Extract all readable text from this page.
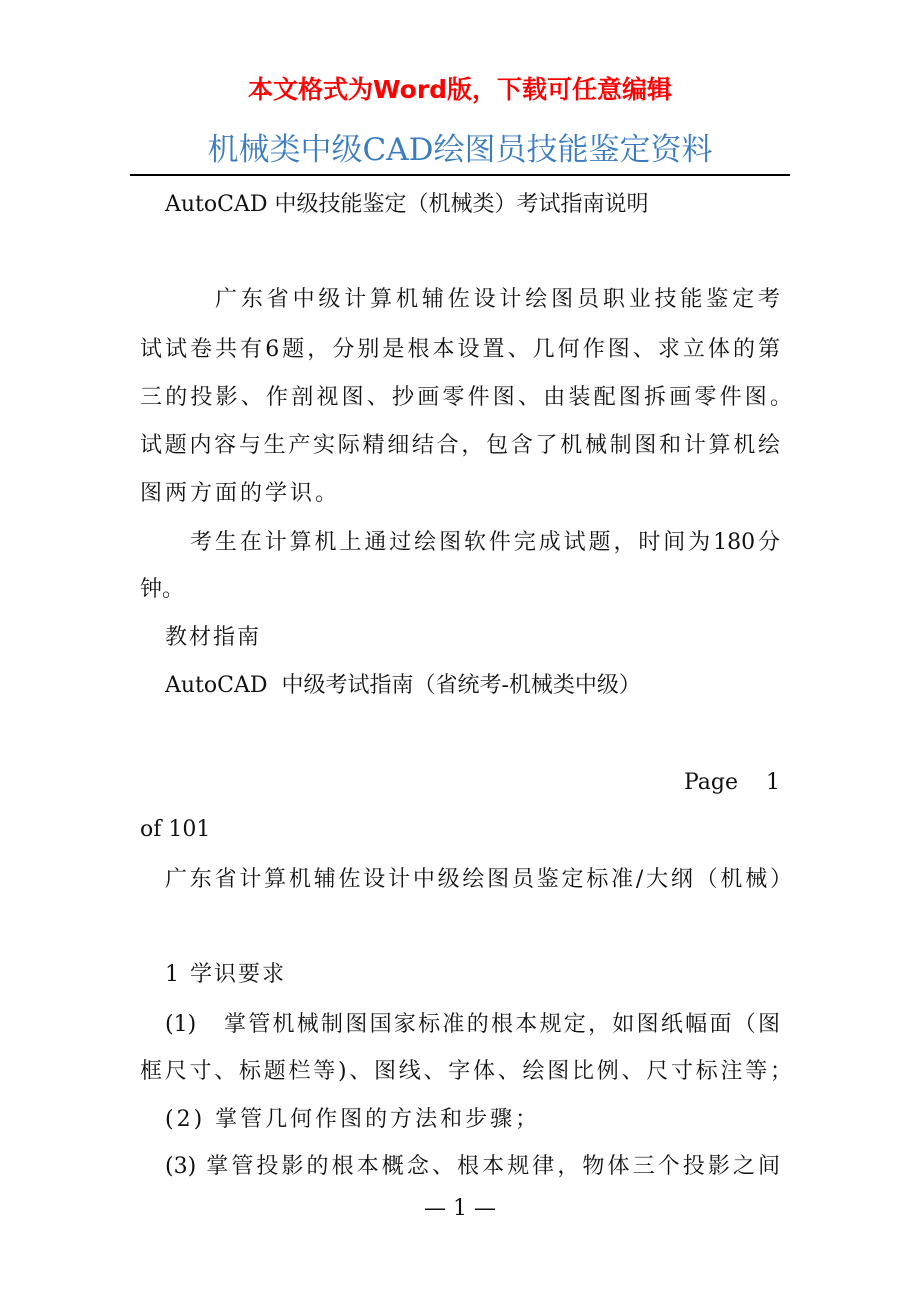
本文格式为Word版，下载可任意编辑
机械类中级CAD绘图员技能鉴定资料
AutoCAD 中级技能鉴定（机械类）考试指南说明
广东省中级计算机辅佐设计绘图员职业技能鉴定考
试试卷共有6题，分别是根本设置、几何作图、求立体的第
三的投影、作剖视图、抄画零件图、由装配图拆画零件图。
试题内容与生产实际精细结合，包含了机械制图和计算机绘
图两方面的学识。
考生在计算机上通过绘图软件完成试题，时间为180分
钟。
教材指南
AutoCAD  中级考试指南（省统考-机械类中级）
Page    1
of 101
广东省计算机辅佐设计中级绘图员鉴定标准/大纲（机械）
1 学识要求
(1)   掌管机械制图国家标准的根本规定，如图纸幅面（图
框尺寸、标题栏等)、图线、字体、绘图比例、尺寸标注等；
(2) 掌管几何作图的方法和步骤；
(3) 掌管投影的根本概念、根本规律，物体三个投影之间
— 1 —
